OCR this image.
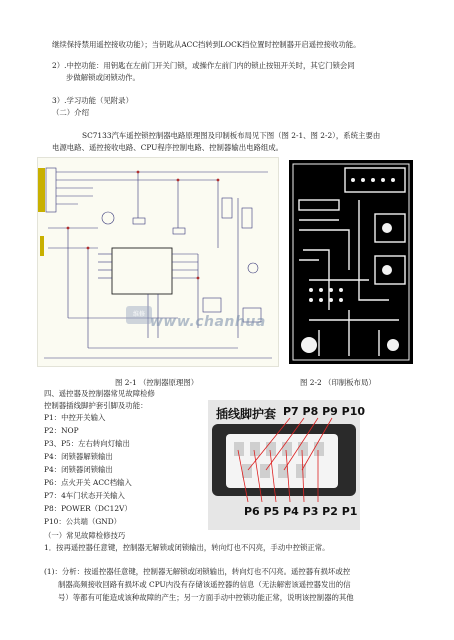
继续保持禁用遥控接收功能）；当钥匙从ACC挡转到LOCK挡位置时控制器开启遥控接收功能。
2）.中控功能：用钥匙在左前门开关门锁，或操作左前门内的锁止按钮开关时，其它门锁会同
步做解锁或闭锁动作。
3）.学习功能（见附录）
（二）介绍
SC7133汽车遥控锁控制器电路原理图及印制板布局见下图（图 2-1、图 2-2），系统主要由
电源电路、遥控接收电路、CPU程序控制电路、控制器输出电路组成。
维修 www.chanhua
图 2-1 （控制器原理图）	图 2-2 （印制板布局）
四、遥控器及控制器常见故障检修
控制器插线脚护套引脚及功能：
P1：中控开关输入
P2：NOP
P3、P5：左右转向灯输出
P4：闭锁器解锁输出
P4：闭锁器闭锁输出
P6：点火开关 ACC档输入
P7：4车门状态开关输入
P8：POWER（DC12V）
P10：公共端（GND）
插线脚护套 P7 P8 P9 P10
P6 P5 P4 P3 P2 P1
（一）常见故障检修技巧
1．按再遥控器任意键，控制器无解锁或闭锁输出，转向灯也不闪亮，手动中控锁正常。
(1)：分析：按遥控器任意键，控制器无解锁或闭锁输出，转向灯也不闪亮。遥控器有损坏或控
制器高频接收回路有损坏或 CPU内没有存储该遥控器的信息（无法解密该遥控器发出的信
号）等都有可能造成该种故障的产生；另一方面手动中控锁功能正常，说明该控制器的其他
